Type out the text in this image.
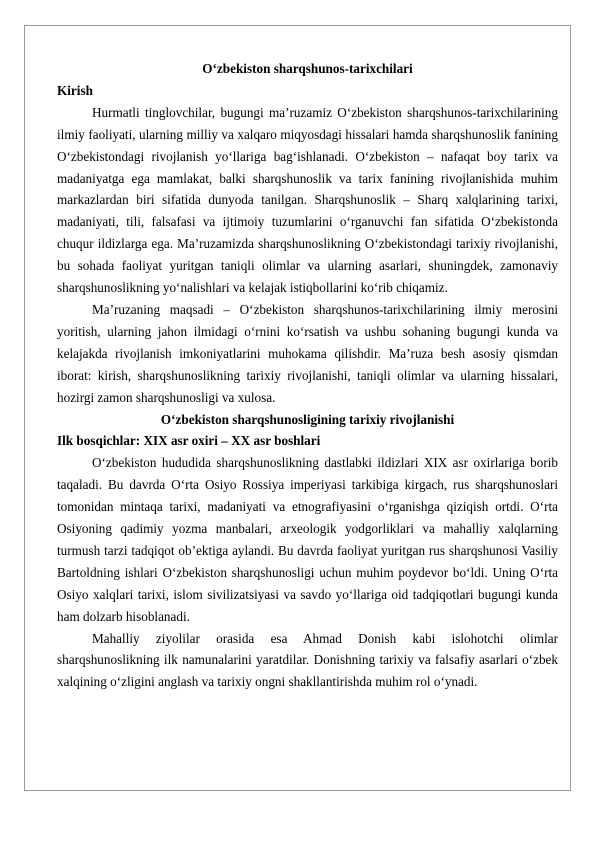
O‘zbekiston sharqshunos-tarixchilari

Kirish

Hurmatli tinglovchilar, bugungi ma’ruzamiz O‘zbekiston sharqshunos-tarixchilarining ilmiy faoliyati, ularning milliy va xalqaro miqyosdagi hissalari hamda sharqshunoslik fanining O‘zbekistondagi rivojlanish yo‘llariga bag‘ishlanadi. O‘zbekiston – nafaqat boy tarix va madaniyatga ega mamlakat, balki sharqshunoslik va tarix fanining rivojlanishida muhim markazlardan biri sifatida dunyoda tanilgan. Sharqshunoslik – Sharq xalqlarining tarixi, madaniyati, tili, falsafasi va ijtimoiy tuzumlarini o‘rganuvchi fan sifatida O‘zbekistonda chuqur ildizlarga ega. Ma’ruzamizda sharqshunoslikning O‘zbekistondagi tarixiy rivojlanishi, bu sohada faoliyat yuritgan taniqli olimlar va ularning asarlari, shuningdek, zamonaviy sharqshunoslikning yo‘nalishlari va kelajak istiqbollarini ko‘rib chiqamiz.

Ma’ruzaning maqsadi – O‘zbekiston sharqshunos-tarixchilarining ilmiy merosini yoritish, ularning jahon ilmidagi o‘rnini ko‘rsatish va ushbu sohaning bugungi kunda va kelajakda rivojlanish imkoniyatlarini muhokama qilishdir. Ma’ruza besh asosiy qismdan iborat: kirish, sharqshunoslikning tarixiy rivojlanishi, taniqli olimlar va ularning hissalari, hozirgi zamon sharqshunosligi va xulosa.

O‘zbekiston sharqshunosligining tarixiy rivojlanishi

Ilk bosqichlar: XIX asr oxiri – XX asr boshlari

O‘zbekiston hududida sharqshunoslikning dastlabki ildizlari XIX asr oxirlariga borib taqaladi. Bu davrda O‘rta Osiyo Rossiya imperiyasi tarkibiga kirgach, rus sharqshunoslari tomonidan mintaqa tarixi, madaniyati va etnografiyasini o‘rganishga qiziqish ortdi. O‘rta Osiyoning qadimiy yozma manbalari, arxeologik yodgorliklari va mahalliy xalqlarning turmush tarzi tadqiqot ob’ektiga aylandi. Bu davrda faoliyat yuritgan rus sharqshunosi Vasiliy Bartoldning ishlari O‘zbekiston sharqshunosligi uchun muhim poydevor bo‘ldi. Uning O‘rta Osiyo xalqlari tarixi, islom sivilizatsiyasi va savdo yo‘llariga oid tadqiqotlari bugungi kunda ham dolzarb hisoblanadi.

Mahalliy ziyolilar orasida esa Ahmad Donish kabi islohotchi olimlar sharqshunoslikning ilk namunalarini yaratdilar. Donishning tarixiy va falsafiy asarlari o‘zbek xalqining o‘zligini anglash va tarixiy ongni shakllantirishda muhim rol o‘ynadi.
